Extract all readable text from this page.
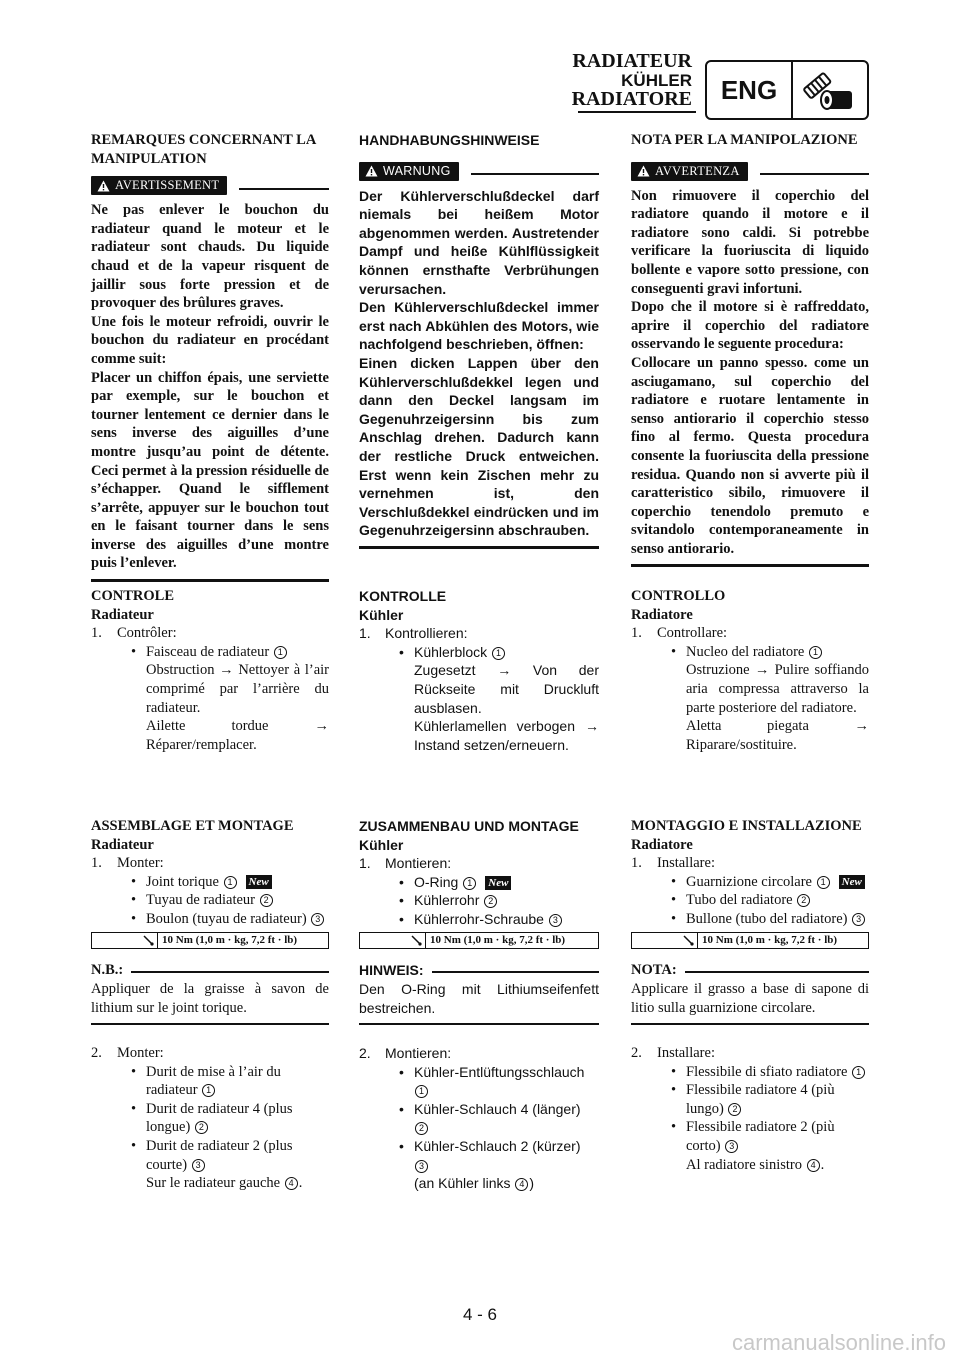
RADIATEUR
KÜHLER
RADIATORE	ENG
REMARQUES CONCERNANT LA MANIPULATION
AVERTISSEMENT
Ne pas enlever le bouchon du radiateur quand le moteur et le radiateur sont chauds. Du liquide chaud et de la vapeur risquent de jaillir sous forte pression et de provoquer des brûlures graves.
Une fois le moteur refroidi, ouvrir le bouchon du radiateur en procédant comme suit:
Placer un chiffon épais, une serviette par exemple, sur le bouchon et tourner lentement ce dernier dans le sens inverse des aiguilles d’une montre jusqu’au point de détente. Ceci permet à la pression résiduelle de s’échapper. Quand le sifflement s’arrête, appuyer sur le bouchon tout en le faisant tourner dans le sens inverse des aiguilles d’une montre puis l’enlever.
HANDHABUNGSHINWEISE
WARNUNG
Der Kühlerverschlußdeckel darf niemals bei heißem Motor abgenommen werden. Austretender Dampf und heiße Kühlflüssigkeit können ernsthafte Verbrühungen verursachen.
Den Kühlerverschlußdeckel immer erst nach Abkühlen des Motors, wie nachfolgend beschrieben, öffnen:
Einen dicken Lappen über den Kühlerverschlußdekkel legen und dann den Deckel langsam im Gegenuhrzeigersinn bis zum Anschlag drehen. Dadurch kann der restliche Druck entweichen. Erst wenn kein Zischen mehr zu vernehmen ist, den Verschlußdekkel eindrücken und im Gegenuhrzeigersinn abschrauben.
NOTA PER LA MANIPOLAZIONE
AVVERTENZA
Non rimuovere il coperchio del radiatore quando il motore e il radiatore sono caldi. Si potrebbe verificare la fuoriuscita di liquido bollente e vapore sotto pressione, con conseguenti gravi infortuni.
Dopo che il motore si è raffreddato, aprire il coperchio del radiatore osservando le seguente procedura:
Collocare un panno spesso. come un asciugamano, sul coperchio del radiatore e ruotare lentamente in senso antiorario il coperchio stesso fino al fermo. Questa procedura consente la fuoriuscita della pressione residua. Quando non si avverte più il caratteristico sibilo, rimuovere il coperchio tenendolo premuto e svitandolo contemporaneamente in senso antiorario.
CONTROLE
Radiateur
1.	Contrôler:
• Faisceau de radiateur 1
Obstruction → Nettoyer à l’air comprimé par l’arrière du radiateur.
Ailette tordue → Réparer/remplacer.
KONTROLLE
Kühler
1.	Kontrollieren:
• Kühlerblock 1
Zugesetzt → Von der Rückseite mit Druckluft ausblasen.
Kühlerlamellen verbogen → Instand setzen/erneuern.
CONTROLLO
Radiatore
1.	Controllare:
• Nucleo del radiatore 1
Ostruzione → Pulire soffiando aria compressa attraverso la parte posteriore del radiatore.
Aletta piegata → Riparare/sostituire.
ASSEMBLAGE ET MONTAGE
Radiateur
1.	Monter:
• Joint torique 1 New
• Tuyau de radiateur 2
• Boulon (tuyau de radiateur) 3
10 Nm (1,0 m · kg, 7,2 ft · lb)
N.B.:
Appliquer de la graisse à savon de lithium sur le joint torique.
2.	Monter:
• Durit de mise à l’air du radiateur 1
• Durit de radiateur 4 (plus longue) 2
• Durit de radiateur 2 (plus courte) 3
Sur le radiateur gauche 4 .
ZUSAMMENBAU UND MONTAGE
Kühler
1.	Montieren:
• O-Ring 1 New
• Kühlerrohr 2
• Kühlerrohr-Schraube 3
10 Nm (1,0 m · kg, 7,2 ft · lb)
HINWEIS:
Den O-Ring mit Lithiumseifenfett bestreichen.
2.	Montieren:
• Kühler-Entlüftungsschlauch 1
• Kühler-Schlauch 4 (länger) 2
• Kühler-Schlauch 2 (kürzer) 3
(an Kühler links 4 )
MONTAGGIO E INSTALLAZIONE
Radiatore
1.	Installare:
• Guarnizione circolare 1 New
• Tubo del radiatore 2
• Bullone (tubo del radiatore) 3
10 Nm (1,0 m · kg, 7,2 ft · lb)
NOTA:
Applicare il grasso a base di sapone di litio sulla guarnizione circolare.
2.	Installare:
• Flessibile di sfiato radiatore 1
• Flessibile radiatore 4 (più lungo) 2
• Flessibile radiatore 2 (più corto) 3
Al radiatore sinistro 4 .
4 - 6
carmanualsonline.info
